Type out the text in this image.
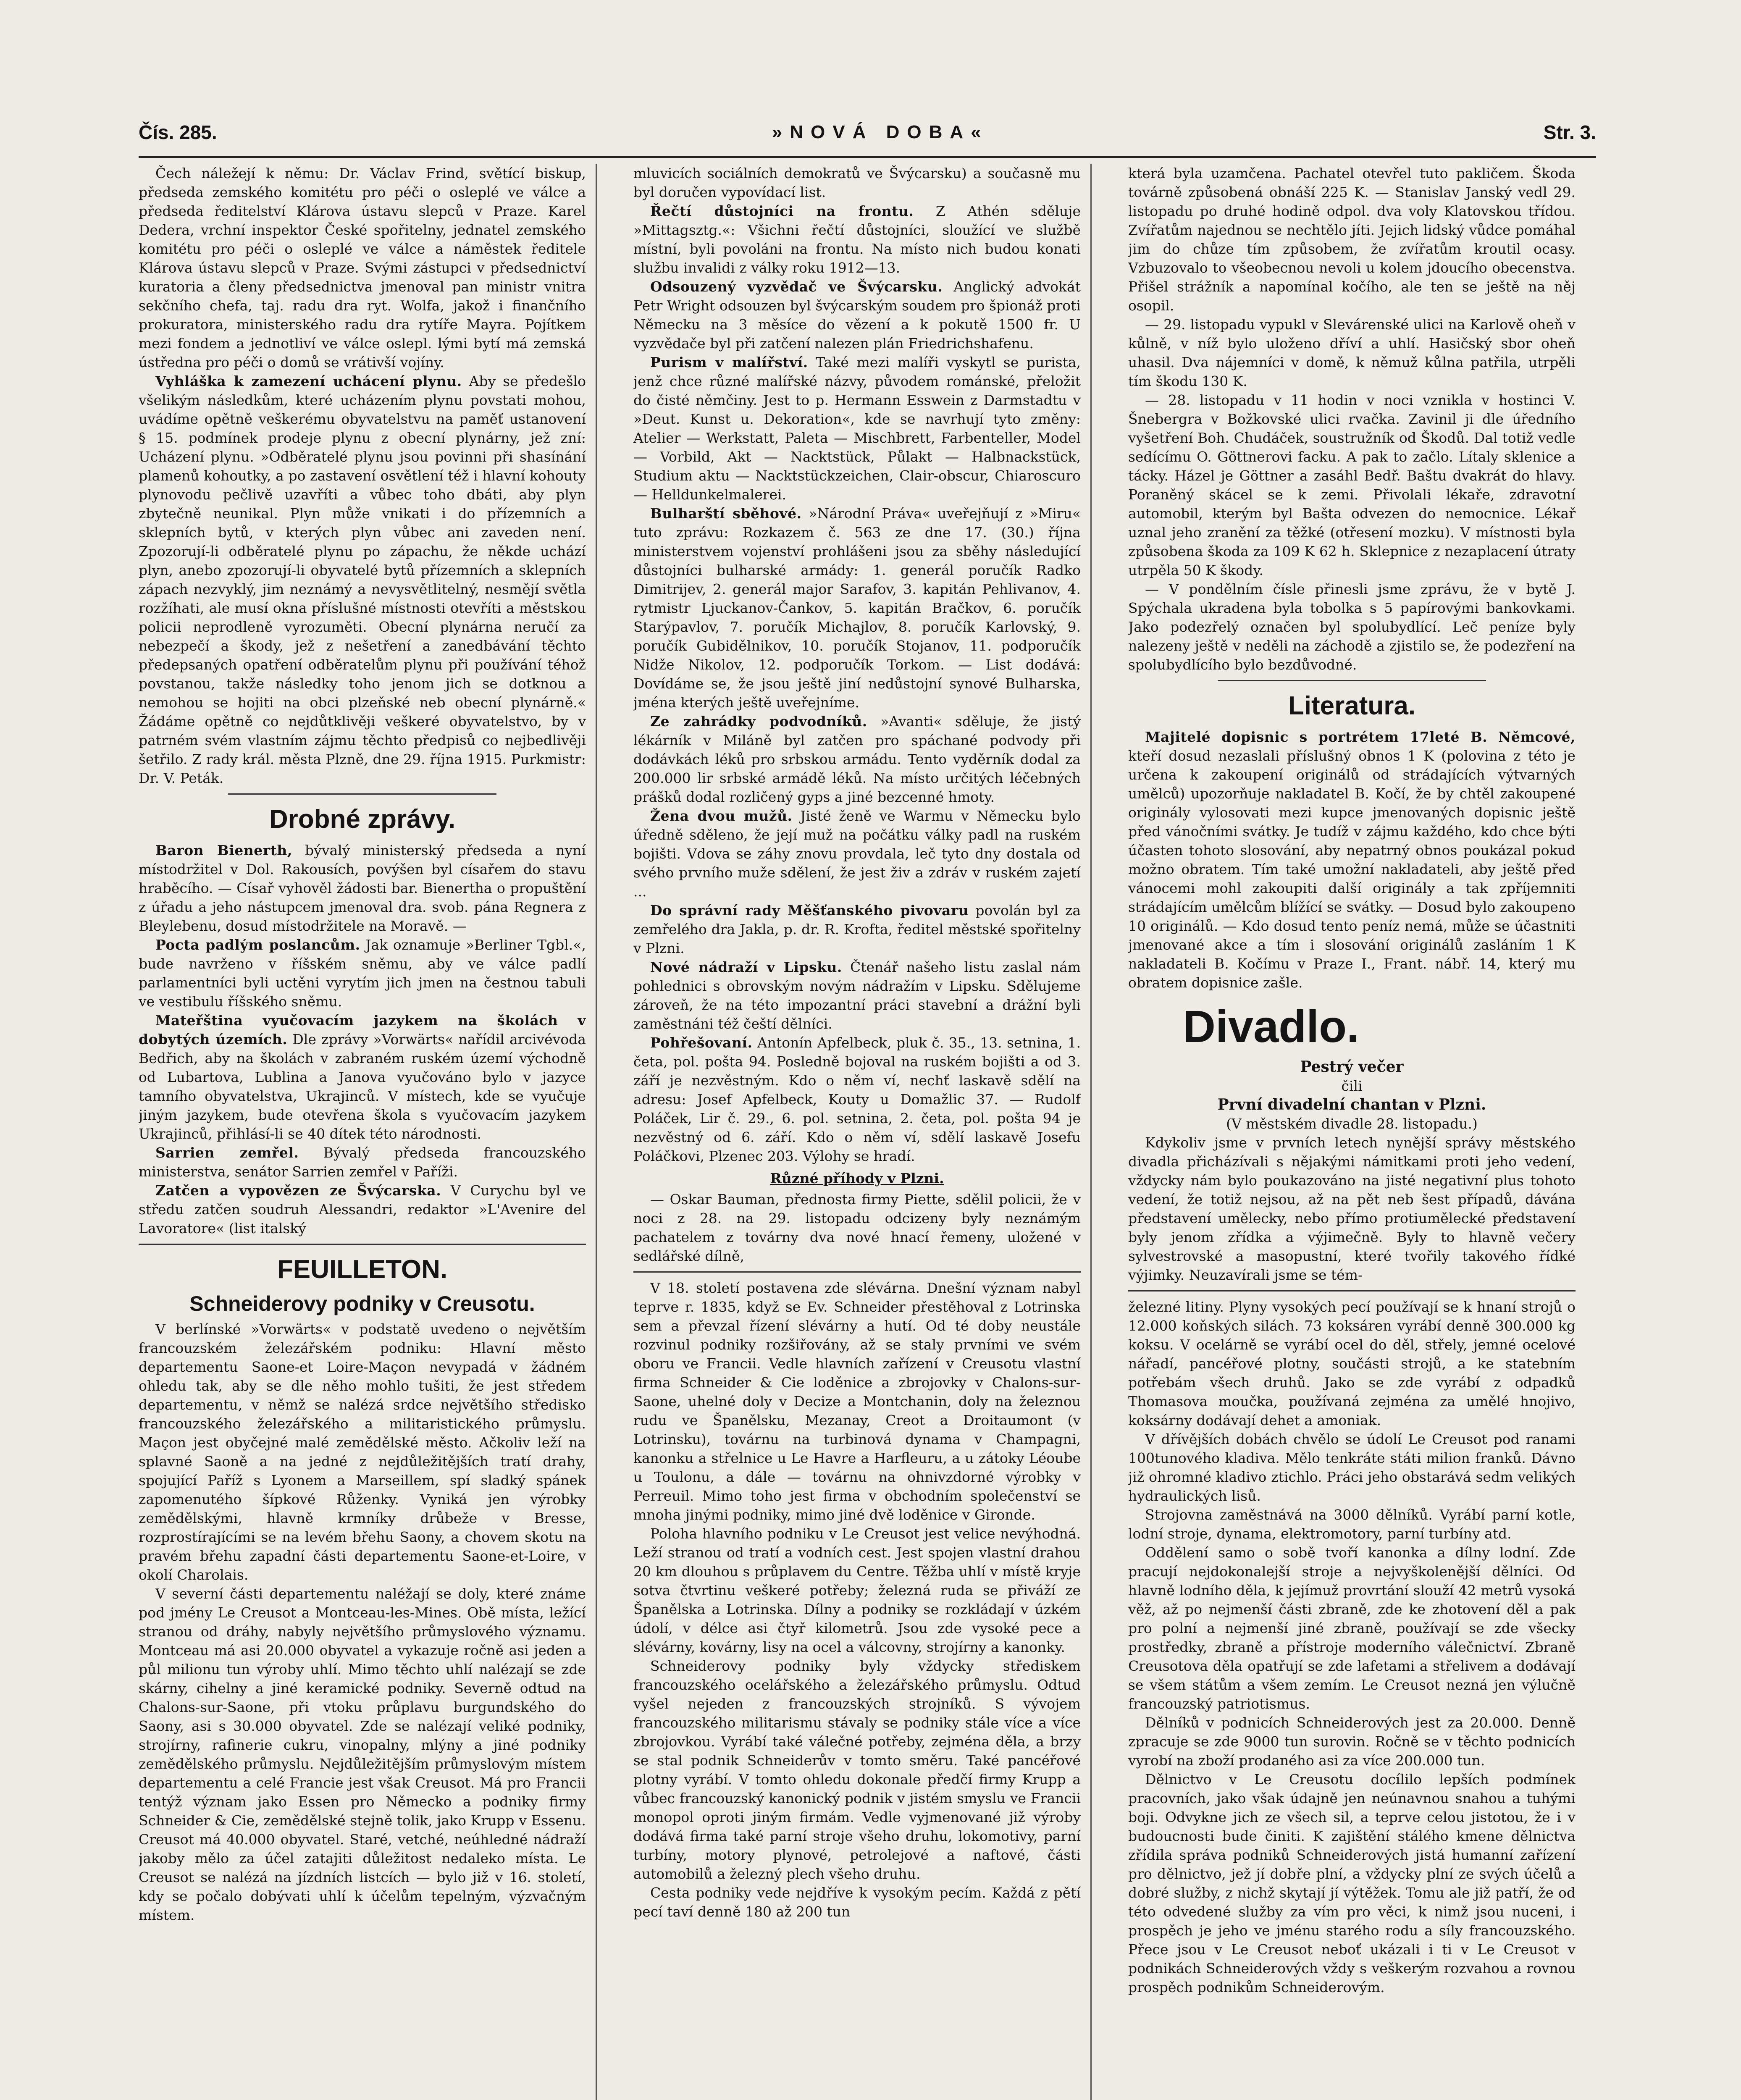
Čís. 285.	»NOVÁ DOBA«	Str. 3.

Čech náležejí k němu: Dr. Václav Frind, světící biskup, předseda zemského komitétu pro péči o osleplé ve válce a předseda ředitelství Klárova ústavu slepců v Praze. Karel Dedera, vrchní inspektor České spořitelny, jednatel zemského komitétu pro péči o osleplé ve válce a náměstek ředitele Klárova ústavu slepců v Praze. Svými zástupci v předsednictví kuratoria a členy předsednictva jmenoval pan ministr vnitra sekčního chefa, taj. radu dra ryt. Wolfa, jakož i finančního prokuratora, ministerského radu dra rytíře Mayra. Pojítkem mezi fondem a jednotliví ve válce oslepl. lými bytí má zemská ústředna pro péči o domů se vrátivší vojíny.

Vyhláška k zamezení uchácení plynu. Aby se předešlo všelikým následkům, které ucházením plynu povstati mohou, uvádíme opětně veškerému obyvatelstvu na paměť ustanovení § 15. podmínek prodeje plynu z obecní plynárny, jež zní: Ucházení plynu. »Odběratelé plynu jsou povinni při shasínání plamenů kohoutky, a po zastavení osvětlení též i hlavní kohouty plynovodu pečlivě uzavříti a vůbec toho dbáti, aby plyn zbytečně neunikal. Plyn může vnikati i do přízemních a sklepních bytů, v kterých plyn vůbec ani zaveden není. Zpozorují-li odběratelé plynu po zápachu, že někde uchází plyn, anebo zpozorují-li obyvatelé bytů přízemních a sklepních zápach nezvyklý, jim neznámý a nevysvětlitelný, nesmějí světla rozžíhati, ale musí okna příslušné místnosti otevříti a městskou policii neprodleně vyrozuměti. Obecní plynárna neručí za nebezpečí a škody, jež z nešetření a zanedbávání těchto předepsaných opatření odběratelům plynu při používání téhož povstanou, takže následky toho jenom jich se dotknou a nemohou se hojiti na obci plzeňské neb obecní plynárně.« Žádáme opětně co nejdůtklivěji veškeré obyvatelstvo, by v patrném svém vlastním zájmu těchto předpisů co nejbedlivěji šetřilo. Z rady král. města Plzně, dne 29. října 1915. Purkmistr: Dr. V. Peták.

Drobné zprávy.

Baron Bienerth, bývalý ministerský předseda a nyní místodržitel v Dol. Rakousích, povýšen byl císařem do stavu hraběcího. — Císař vyhověl žádosti bar. Bienertha o propuštění z úřadu a jeho nástupcem jmenoval dra. svob. pána Regnera z Bleylebenu, dosud místodržitele na Moravě. —

Pocta padlým poslancům. Jak oznamuje »Berliner Tgbl.«, bude navrženo v říšském sněmu, aby ve válce padlí parlamentníci byli uctěni vyrytím jich jmen na čestnou tabuli ve vestibulu říšského sněmu.

Mateřština vyučovacím jazykem na školách v dobytých územích. Dle zprávy »Vorwärts« nařídil arcivévoda Bedřich, aby na školách v zabraném ruském území východně od Lubartova, Lublina a Janova vyučováno bylo v jazyce tamního obyvatelstva, Ukrajinců. V místech, kde se vyučuje jiným jazykem, bude otevřena škola s vyučovacím jazykem Ukrajinců, přihlásí-li se 40 dítek této národnosti.

Sarrien zemřel. Bývalý předseda francouzského ministerstva, senátor Sarrien zemřel v Paříži.

Zatčen a vypovězen ze Švýcarska. V Curychu byl ve středu zatčen soudruh Alessandri, redaktor »L'Avenire del Lavoratore« (list italský

FEUILLETON.
Schneiderovy podniky v Creusotu.

V berlínské »Vorwärts« v podstatě uvedeno o největším francouzském železářském podniku: Hlavní město departementu Saone-et Loire-Maçon nevypadá v žádném ohledu tak, aby se dle něho mohlo tušiti, že jest středem departementu, v němž se nalézá srdce největšího středisko francouzského železářského a militaristického průmyslu. Maçon jest obyčejné malé zemědělské město. Ačkoliv leží na splavné Saoně a na jedné z nejdůležitějších tratí drahy, spojující Paříž s Lyonem a Marseillem, spí sladký spánek zapomenutého šípkové Růženky. Vyniká jen výrobky zemědělskými, hlavně krmníky drůbeže v Bresse, rozprostírajícími se na levém břehu Saony, a chovem skotu na pravém břehu zapadní části departementu Saone-et-Loire, v okolí Charolais.

V severní části departementu naléžají se doly, které známe pod jmény Le Creusot a Montceau-les-Mines. Obě místa, ležící stranou od dráhy, nabyly největšího průmyslového významu. Montceau má asi 20.000 obyvatel a vykazuje ročně asi jeden a půl milionu tun výroby uhlí. Mimo těchto uhlí nalézají se zde skárny, cihelny a jiné keramické podniky. Severně odtud na Chalons-sur-Saone, při vtoku průplavu burgundského do Saony, asi s 30.000 obyvatel. Zde se nalézají veliké podniky, strojírny, rafinerie cukru, vinopalny, mlýny a jiné podniky zemědělského průmyslu. Nejdůležitějším průmyslovým místem departementu a celé Francie jest však Creusot. Má pro Francii tentýž význam jako Essen pro Německo a podniky firmy Schneider & Cie, zemědělské stejně tolik, jako Krupp v Essenu. Creusot má 40.000 obyvatel. Staré, vetché, neúhledné nádraží jakoby mělo za účel zatajiti důležitost nedaleko místa. Le Creusot se nalézá na jízdních listcích — bylo již v 16. století, kdy se počalo dobývati uhlí k účelům tepelným, výzvačným místem.

mluvicích sociálních demokratů ve Švýcarsku) a současně mu byl doručen vypovídací list.

Řečtí důstojníci na frontu. Z Athén sděluje »Mittagsztg.«: Všichni řečtí důstojníci, sloužící ve službě místní, byli povoláni na frontu. Na místo nich budou konati službu invalidi z války roku 1912—13.

Odsouzený vyzvědač ve Švýcarsku. Anglický advokát Petr Wright odsouzen byl švýcarským soudem pro špionáž proti Německu na 3 měsíce do vězení a k pokutě 1500 fr. U vyzvědače byl při zatčení nalezen plán Friedrichshafenu.

Purism v malířství. Také mezi malíři vyskytl se purista, jenž chce různé malířské názvy, původem románské, přeložit do čisté němčiny. Jest to p. Hermann Esswein z Darmstadtu v »Deut. Kunst u. Dekoration«, kde se navrhují tyto změny: Atelier — Werkstatt, Paleta — Mischbrett, Farbenteller, Model — Vorbild, Akt — Nacktstück, Půlakt — Halbnackstück, Studium aktu — Nacktstückzeichen, Clair-obscur, Chiaroscuro — Helldunkelmalerei.

Bulharští sběhové. »Národní Práva« uveřejňují z »Miru« tuto zprávu: Rozkazem č. 563 ze dne 17. (30.) října ministerstvem vojenství prohlášeni jsou za sběhy následující důstojníci bulharské armády: 1. generál poručík Radko Dimitrijev, 2. generál major Sarafov, 3. kapitán Pehlivanov, 4. rytmistr Ljuckanov-Čankov, 5. kapitán Bračkov, 6. poručík Starýpavlov, 7. poručík Michajlov, 8. poručík Karlovský, 9. poručík Gubidělnikov, 10. poručík Stojanov, 11. podporučík Nidže Nikolov, 12. podporučík Torkom. — List dodává: Dovídáme se, že jsou ještě jiní nedůstojní synové Bulharska, jména kterých ještě uveřejníme.

Ze zahrádky podvodníků. »Avanti« sděluje, že jistý lékárník v Miláně byl zatčen pro spáchané podvody při dodávkách léků pro srbskou armádu. Tento vyděrník dodal za 200.000 lir srbské armádě léků. Na místo určitých léčebných prášků dodal rozličený gyps a jiné bezcenné hmoty.

Žena dvou mužů. Jisté ženě ve Warmu v Německu bylo úředně sděleno, že její muž na počátku války padl na ruském bojišti. Vdova se záhy znovu provdala, leč tyto dny dostala od svého prvního muže sdělení, že jest živ a zdráv v ruském zajetí ...

Do správní rady Měšťanského pivovaru povolán byl za zemřelého dra Jakla, p. dr. R. Krofta, ředitel městské spořitelny v Plzni.

Nové nádraží v Lipsku. Čtenář našeho listu zaslal nám pohlednici s obrovským novým nádražím v Lipsku. Sdělujeme zároveň, že na této impozantní práci stavební a drážní byli zaměstnáni též čeští dělníci.

Pohřešovaní. Antonín Apfelbeck, pluk č. 35., 13. setnina, 1. četa, pol. pošta 94. Posledně bojoval na ruském bojišti a od 3. září je nezvěstným. Kdo o něm ví, nechť laskavě sdělí na adresu: Josef Apfelbeck, Kouty u Domažlic 37. — Rudolf Poláček, Lir č. 29., 6. pol. setnina, 2. četa, pol. pošta 94 je nezvěstný od 6. září. Kdo o něm ví, sdělí laskavě Josefu Poláčkovi, Plzenec 203. Výlohy se hradí.

Různé příhody v Plzni.

— Oskar Bauman, přednosta firmy Piette, sdělil policii, že v noci z 28. na 29. listopadu odcizeny byly neznámým pachatelem z továrny dva nové hnací řemeny, uložené v sedlářské dílně,

V 18. století postavena zde slévárna. Dnešní význam nabyl teprve r. 1835, když se Ev. Schneider přestěhoval z Lotrinska sem a převzal řízení slévárny a hutí. Od té doby neustále rozvinul podniky rozšiřovány, až se staly prvními ve svém oboru ve Francii. Vedle hlavních zařízení v Creusotu vlastní firma Schneider & Cie loděnice a zbrojovky v Chalons-sur-Saone, uhelné doly v Decize a Montchanin, doly na železnou rudu ve Španělsku, Mezanay, Creot a Droitaumont (v Lotrinsku), továrnu na turbinová dynama v Champagni, kanonku a střelnice u Le Havre a Harfleuru, a u zátoky Léoube u Toulonu, a dále — továrnu na ohnivzdorné výrobky v Perreuil. Mimo toho jest firma v obchodním společenství se mnoha jinými podniky, mimo jiné dvě loděnice v Gironde.

Poloha hlavního podniku v Le Creusot jest velice nevýhodná. Leží stranou od tratí a vodních cest. Jest spojen vlastní drahou 20 km dlouhou s průplavem du Centre. Těžba uhlí v místě kryje sotva čtvrtinu veškeré potřeby; železná ruda se přiváží ze Španělska a Lotrinska. Dílny a podniky se rozkládají v úzkém údolí, v délce asi čtyř kilometrů. Jsou zde vysoké pece a slévárny, kovárny, lisy na ocel a válcovny, strojírny a kanonky.

Schneiderovy podniky byly vždycky střediskem francouzského ocelářského a železářského průmyslu. Odtud vyšel nejeden z francouzských strojníků. S vývojem francouzského militarismu stávaly se podniky stále více a více zbrojovkou. Vyrábí také válečné potřeby, zejména děla, a brzy se stal podnik Schneiderův v tomto směru. Také pancéřové plotny vyrábí. V tomto ohledu dokonale předčí firmy Krupp a vůbec francouzský kanonický podnik v jistém smyslu ve Francii monopol oproti jiným firmám. Vedle vyjmenované již výroby dodává firma také parní stroje všeho druhu, lokomotivy, parní turbíny, motory plynové, petrolejové a naftové, části automobilů a železný plech všeho druhu.

Cesta podniky vede nejdříve k vysokým pecím. Každá z pětí pecí taví denně 180 až 200 tun

která byla uzamčena. Pachatel otevřel tuto pakličem. Škoda továrně způsobená obnáší 225 K. — Stanislav Janský vedl 29. listopadu po druhé hodině odpol. dva voly Klatovskou třídou. Zvířatům najednou se nechtělo jíti. Jejich lidský vůdce pomáhal jim do chůze tím způsobem, že zvířatům kroutil ocasy. Vzbuzovalo to všeobecnou nevoli u kolem jdoucího obecenstva. Přišel strážník a napomínal kočího, ale ten se ještě na něj osopil.

— 29. listopadu vypukl v Slevárenské ulici na Karlově oheň v kůlně, v níž bylo uloženo dříví a uhlí. Hasičský sbor oheň uhasil. Dva nájemníci v domě, k němuž kůlna patřila, utrpěli tím škodu 130 K.

— 28. listopadu v 11 hodin v noci vznikla v hostinci V. Šnebergra v Božkovské ulici rvačka. Zavinil ji dle úředního vyšetření Boh. Chudáček, soustružník od Škodů. Dal totiž vedle sedícímu O. Göttnerovi facku. A pak to začlo. Lítaly sklenice a tácky. Házel je Göttner a zasáhl Bedř. Baštu dvakrát do hlavy. Poraněný skácel se k zemi. Přivolali lékaře, zdravotní automobil, kterým byl Bašta odvezen do nemocnice. Lékař uznal jeho zranění za těžké (otřesení mozku). V místnosti byla způsobena škoda za 109 K 62 h. Sklepnice z nezaplacení útraty utrpěla 50 K škody.

— V pondělním čísle přinesli jsme zprávu, že v bytě J. Spýchala ukradena byla tobolka s 5 papírovými bankovkami. Jako podezřelý označen byl spolubydlící. Leč peníze byly nalezeny ještě v neděli na záchodě a zjistilo se, že podezření na spolubydlícího bylo bezdůvodné.

Literatura.

Majitelé dopisnic s portrétem 17leté B. Němcové, kteří dosud nezaslali příslušný obnos 1 K (polovina z této je určena k zakoupení originálů od strádajících výtvarných umělců) upozorňuje nakladatel B. Kočí, že by chtěl zakoupené originály vylosovati mezi kupce jmenovaných dopisnic ještě před vánočními svátky. Je tudíž v zájmu každého, kdo chce býti účasten tohoto slosování, aby nepatrný obnos poukázal pokud možno obratem. Tím také umožní nakladateli, aby ještě před vánocemi mohl zakoupiti další originály a tak zpříjemniti strádajícím umělcům blížící se svátky. — Dosud bylo zakoupeno 10 originálů. — Kdo dosud tento peníz nemá, může se účastniti jmenované akce a tím i slosování originálů zasláním 1 K nakladateli B. Kočímu v Praze I., Frant. nábř. 14, který mu obratem dopisnice zašle.

Divadlo.

Pestrý večer

čili

První divadelní chantan v Plzni.

(V městském divadle 28. listopadu.)

Kdykoliv jsme v prvních letech nynější správy městského divadla přicházívali s nějakými námitkami proti jeho vedení, vždycky nám bylo poukazováno na jisté negativní plus tohoto vedení, že totiž nejsou, až na pět neb šest případů, dávána představení umělecky, nebo přímo protiumělecké představení byly jenom zřídka a výjimečně. Byly to hlavně večery sylvestrovské a masopustní, které tvořily takového řídké výjimky. Neuzavírali jsme se tém-

železné litiny. Plyny vysokých pecí používají se k hnaní strojů o 12.000 koňských silách. 73 koksáren vyrábí denně 300.000 kg koksu. V ocelárně se vyrábí ocel do děl, střely, jemné ocelové nářadí, pancéřové plotny, součásti strojů, a ke statebním potřebám všech druhů. Jako se zde vyrábí z odpadků Thomasova moučka, používaná zejména za umělé hnojivo, koksárny dodávají dehet a amoniak.

V dřívějších dobách chvělo se údolí Le Creusot pod ranami 100tunového kladiva. Mělo tenkráte státi milion franků. Dávno již ohromné kladivo ztichlo. Práci jeho obstarává sedm velikých hydraulických lisů.

Strojovna zaměstnává na 3000 dělníků. Vyrábí parní kotle, lodní stroje, dynama, elektromotory, parní turbíny atd.

Oddělení samo o sobě tvoří kanonka a dílny lodní. Zde pracují nejdokonalejší stroje a nejvyškolenější dělníci. Od hlavně lodního děla, k jejímuž provrtání slouží 42 metrů vysoká věž, až po nejmenší části zbraně, zde ke zhotovení děl a pak pro polní a nejmenší jiné zbraně, používají se zde všecky prostředky, zbraně a přístroje moderního válečnictví. Zbraně Creusotova děla opatřují se zde lafetami a střelivem a dodávají se všem státům a všem zemím. Le Creusot nezná jen výlučně francouzský patriotismus.

Dělníků v podnicích Schneiderových jest za 20.000. Denně zpracuje se zde 9000 tun surovin. Ročně se v těchto podnicích vyrobí na zboží prodaného asi za více 200.000 tun.

Dělnictvo v Le Creusotu docílilo lepších podmínek pracovních, jako však údajně jen neúnavnou snahou a tuhými boji. Odvykne jich ze všech sil, a teprve celou jistotou, že i v budoucnosti bude činiti. K zajištění stálého kmene dělnictva zřídila správa podniků Schneiderových jistá humanní zařízení pro dělnictvo, jež jí dobře plní, a vždycky plní ze svých účelů a dobré služby, z nichž skytají jí výtěžek. Tomu ale již patří, že od této odvedené služby za vím pro věci, k nimž jsou nuceni, i prospěch je jeho ve jménu starého rodu a síly francouzského. Přece jsou v Le Creusot neboť ukázali i ti v Le Creusot v podnikách Schneiderových vždy s veškerým rozvahou a rovnou prospěch podnikům Schneiderovým.
